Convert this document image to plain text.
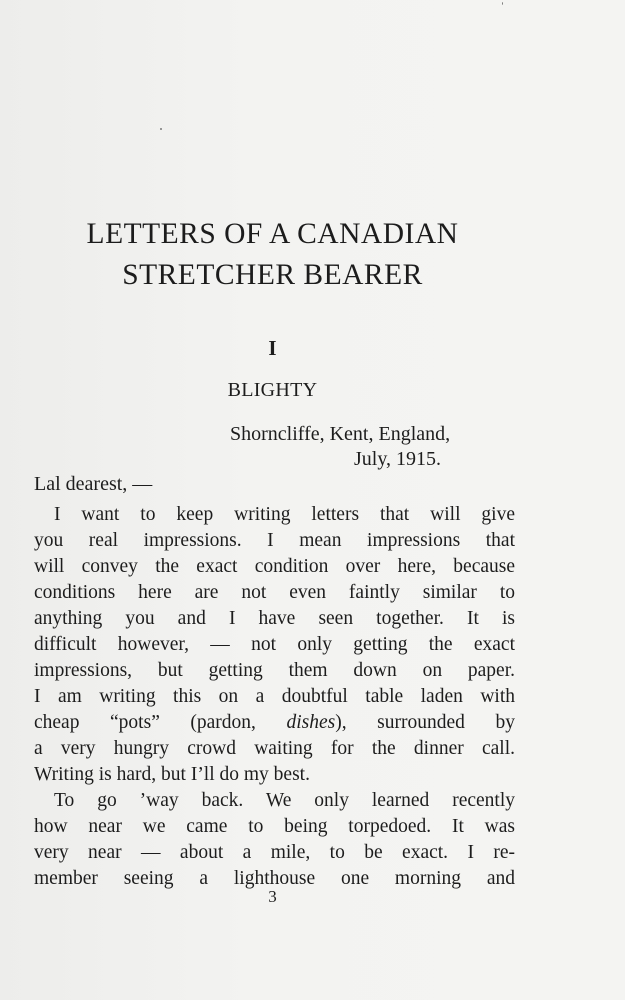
LETTERS OF A CANADIAN
STRETCHER BEARER
I
BLIGHTY
Shorncliffe, Kent, England,
July, 1915.
Lal dearest, —
I want to keep writing letters that will give
you real impressions. I mean impressions that
will convey the exact condition over here, because
conditions here are not even faintly similar to
anything you and I have seen together. It is
difficult however, — not only getting the exact
impressions, but getting them down on paper.
I am writing this on a doubtful table laden with
cheap “pots” (pardon, dishes), surrounded by
a very hungry crowd waiting for the dinner call.
Writing is hard, but I’ll do my best.
To go ’way back. We only learned recently
how near we came to being torpedoed. It was
very near — about a mile, to be exact. I re-
member seeing a lighthouse one morning and
3
